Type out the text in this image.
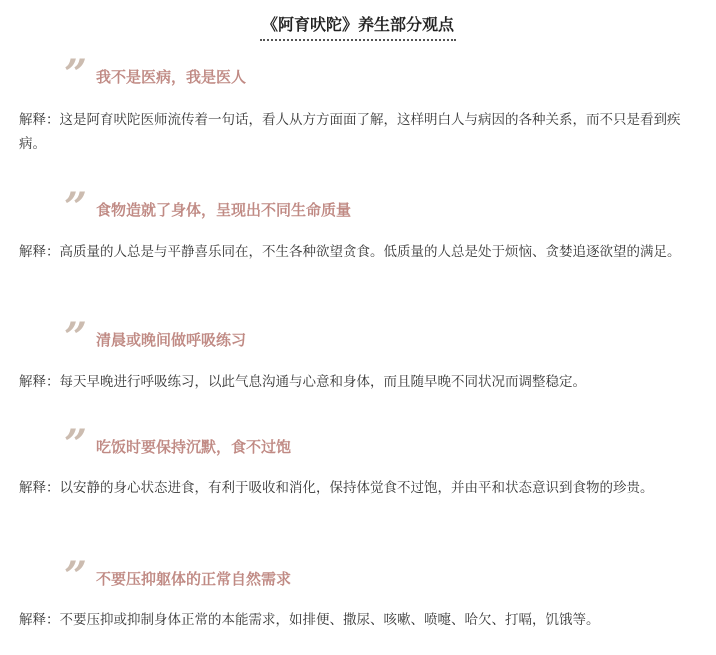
《阿育吠陀》养生部分观点
” 我不是医病，我是医人
解释：这是阿育吠陀医师流传着一句话，看人从方方面面了解，这样明白人与病因的各种关系，而不只是看到疾病。
” 食物造就了身体，呈现出不同生命质量
解释：高质量的人总是与平静喜乐同在，不生各种欲望贪食。低质量的人总是处于烦恼、贪婪追逐欲望的满足。
” 清晨或晚间做呼吸练习
解释：每天早晚进行呼吸练习，以此气息沟通与心意和身体，而且随早晚不同状况而调整稳定。
” 吃饭时要保持沉默，食不过饱
解释：以安静的身心状态进食，有利于吸收和消化，保持体觉食不过饱，并由平和状态意识到食物的珍贵。
” 不要压抑躯体的正常自然需求
解释：不要压抑或抑制身体正常的本能需求，如排便、撒尿、咳嗽、喷嚏、哈欠、打嗝，饥饿等。
